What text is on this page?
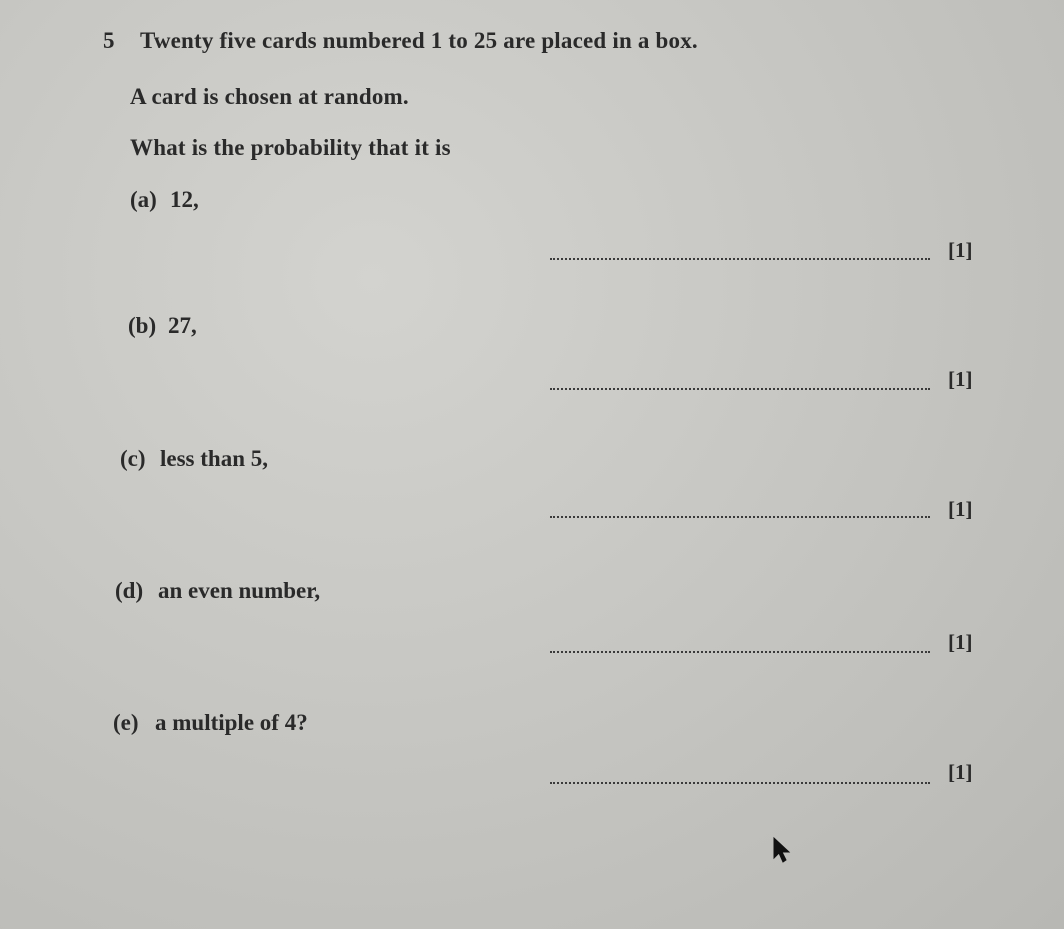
5 Twenty five cards numbered 1 to 25 are placed in a box.
A card is chosen at random.
What is the probability that it is
(a) 12,
[1]
(b) 27,
[1]
(c) less than 5,
[1]
(d) an even number,
[1]
(e) a multiple of 4?
[1]
